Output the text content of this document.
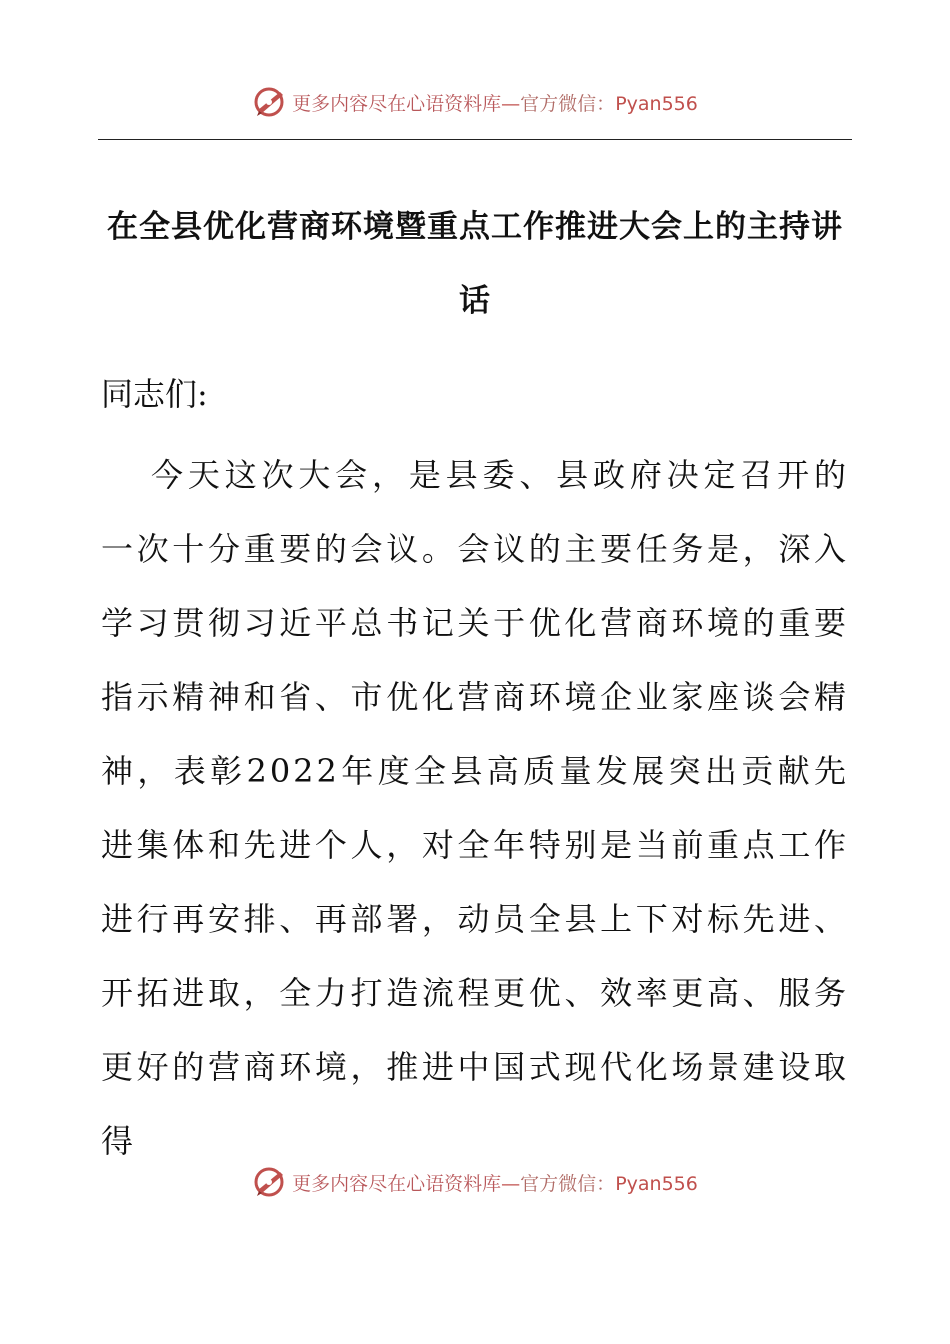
更多内容尽在心语资料库—官方微信：Pyan556
在全县优化营商环境暨重点工作推进大会上的主持讲话

同志们:

今天这次大会，是县委、县政府决定召开的一次十分重要的会议。会议的主要任务是，深入学习贯彻习近平总书记关于优化营商环境的重要指示精神和省、市优化营商环境企业家座谈会精神，表彰2022年度全县高质量发展突出贡献先进集体和先进个人，对全年特别是当前重点工作进行再安排、再部署，动员全县上下对标先进、开拓进取，全力打造流程更优、效率更高、服务更好的营商环境，推进中国式现代化场景建设取得

更多内容尽在心语资料库—官方微信：Pyan556
